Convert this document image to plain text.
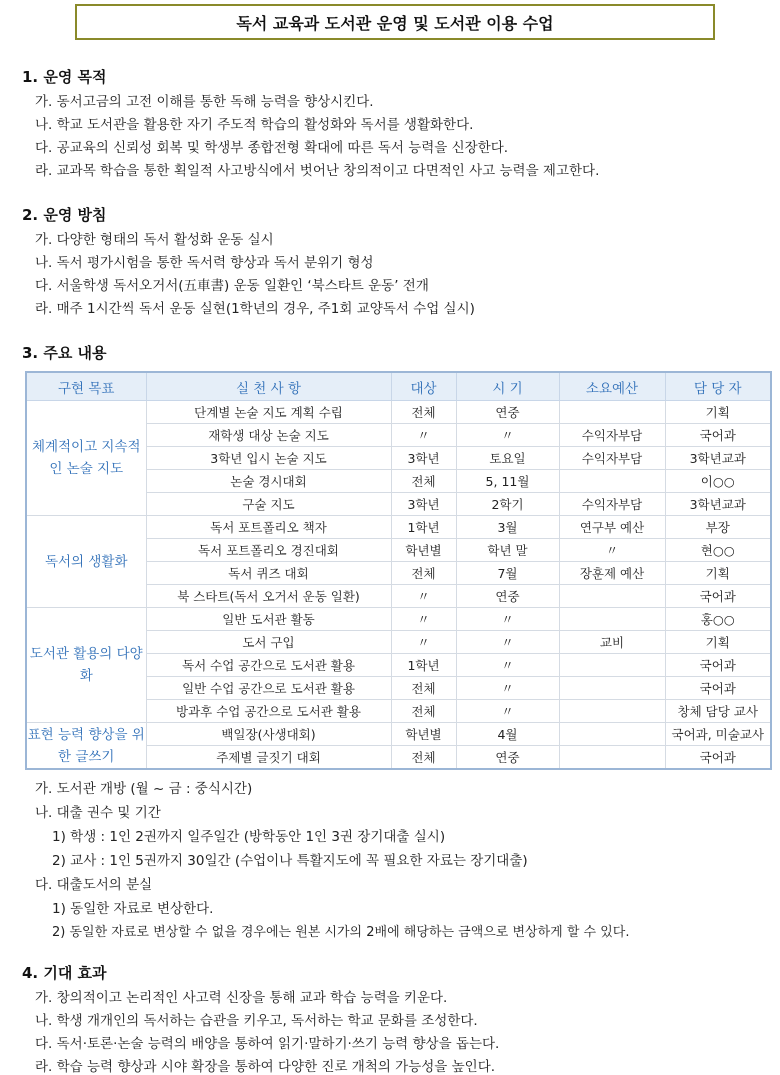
독서 교육과 도서관 운영 및 도서관 이용 수업
1. 운영 목적
가. 동서고금의 고전 이해를 통한 독해 능력을 향상시킨다.
나. 학교 도서관을 활용한 자기 주도적 학습의 활성화와 독서를 생활화한다.
다. 공교육의 신뢰성 회복 및 학생부 종합전형 확대에 따른 독서 능력을 신장한다.
라. 교과목 학습을 통한 획일적 사고방식에서 벗어난 창의적이고 다면적인 사고 능력을 제고한다.
2. 운영 방침
가. 다양한 형태의 독서 활성화 운동 실시
나. 독서 평가시험을 통한 독서력 향상과 독서 분위기 형성
다. 서울학생 독서오거서(五車書) 운동 일환인 ‘북스타트 운동’ 전개
라. 매주 1시간씩 독서 운동 실현(1학년의 경우, 주1회 교양독서 수업 실시)
3. 주요 내용
구현 목표	실 천 사 항	대상	시 기	소요예산	담 당 자
체계적이고 지속적인 논술 지도	단계별 논술 지도 계획 수립	전체	연중		기획
	재학생 대상 논술 지도	〃	〃	수익자부담	국어과
	3학년 입시 논술 지도	3학년	토요일	수익자부담	3학년교과
	논술 경시대회	전체	5, 11월		이○○
	구술 지도	3학년	2학기	수익자부담	3학년교과
독서의 생활화	독서 포트폴리오 책자	1학년	3월	연구부 예산	부장
	독서 포트폴리오 경진대회	학년별	학년 말	〃	현○○
	독서 퀴즈 대회	전체	7월	장훈제 예산	기획
	북 스타트(독서 오거서 운동 일환)	〃	연중		국어과
도서관 활용의 다양화	일반 도서관 활동	〃	〃		홍○○
	도서 구입	〃	〃	교비	기획
	독서 수업 공간으로 도서관 활용	1학년	〃		국어과
	일반 수업 공간으로 도서관 활용	전체	〃		국어과
	방과후 수업 공간으로 도서관 활용	전체	〃		창체 담당 교사
표현 능력 향상을 위한 글쓰기	백일장(사생대회)	학년별	4월		국어과, 미술교사
	주제별 글짓기 대회	전체	연중		국어과
가. 도서관 개방 (월 ~ 금 : 중식시간)
나. 대출 권수 및 기간
1) 학생 : 1인 2권까지 일주일간 (방학동안 1인 3권 장기대출 실시)
2) 교사 : 1인 5권까지 30일간 (수업이나 특활지도에 꼭 필요한 자료는 장기대출)
다. 대출도서의 분실
1) 동일한 자료로 변상한다.
2) 동일한 자료로 변상할 수 없을 경우에는 원본 시가의 2배에 해당하는 금액으로 변상하게 할 수 있다.
4. 기대 효과
가. 창의적이고 논리적인 사고력 신장을 통해 교과 학습 능력을 키운다.
나. 학생 개개인의 독서하는 습관을 키우고, 독서하는 학교 문화를 조성한다.
다. 독서·토론·논술 능력의 배양을 통하여 읽기·말하기·쓰기 능력 향상을 돕는다.
라. 학습 능력 향상과 시야 확장을 통하여 다양한 진로 개척의 가능성을 높인다.
